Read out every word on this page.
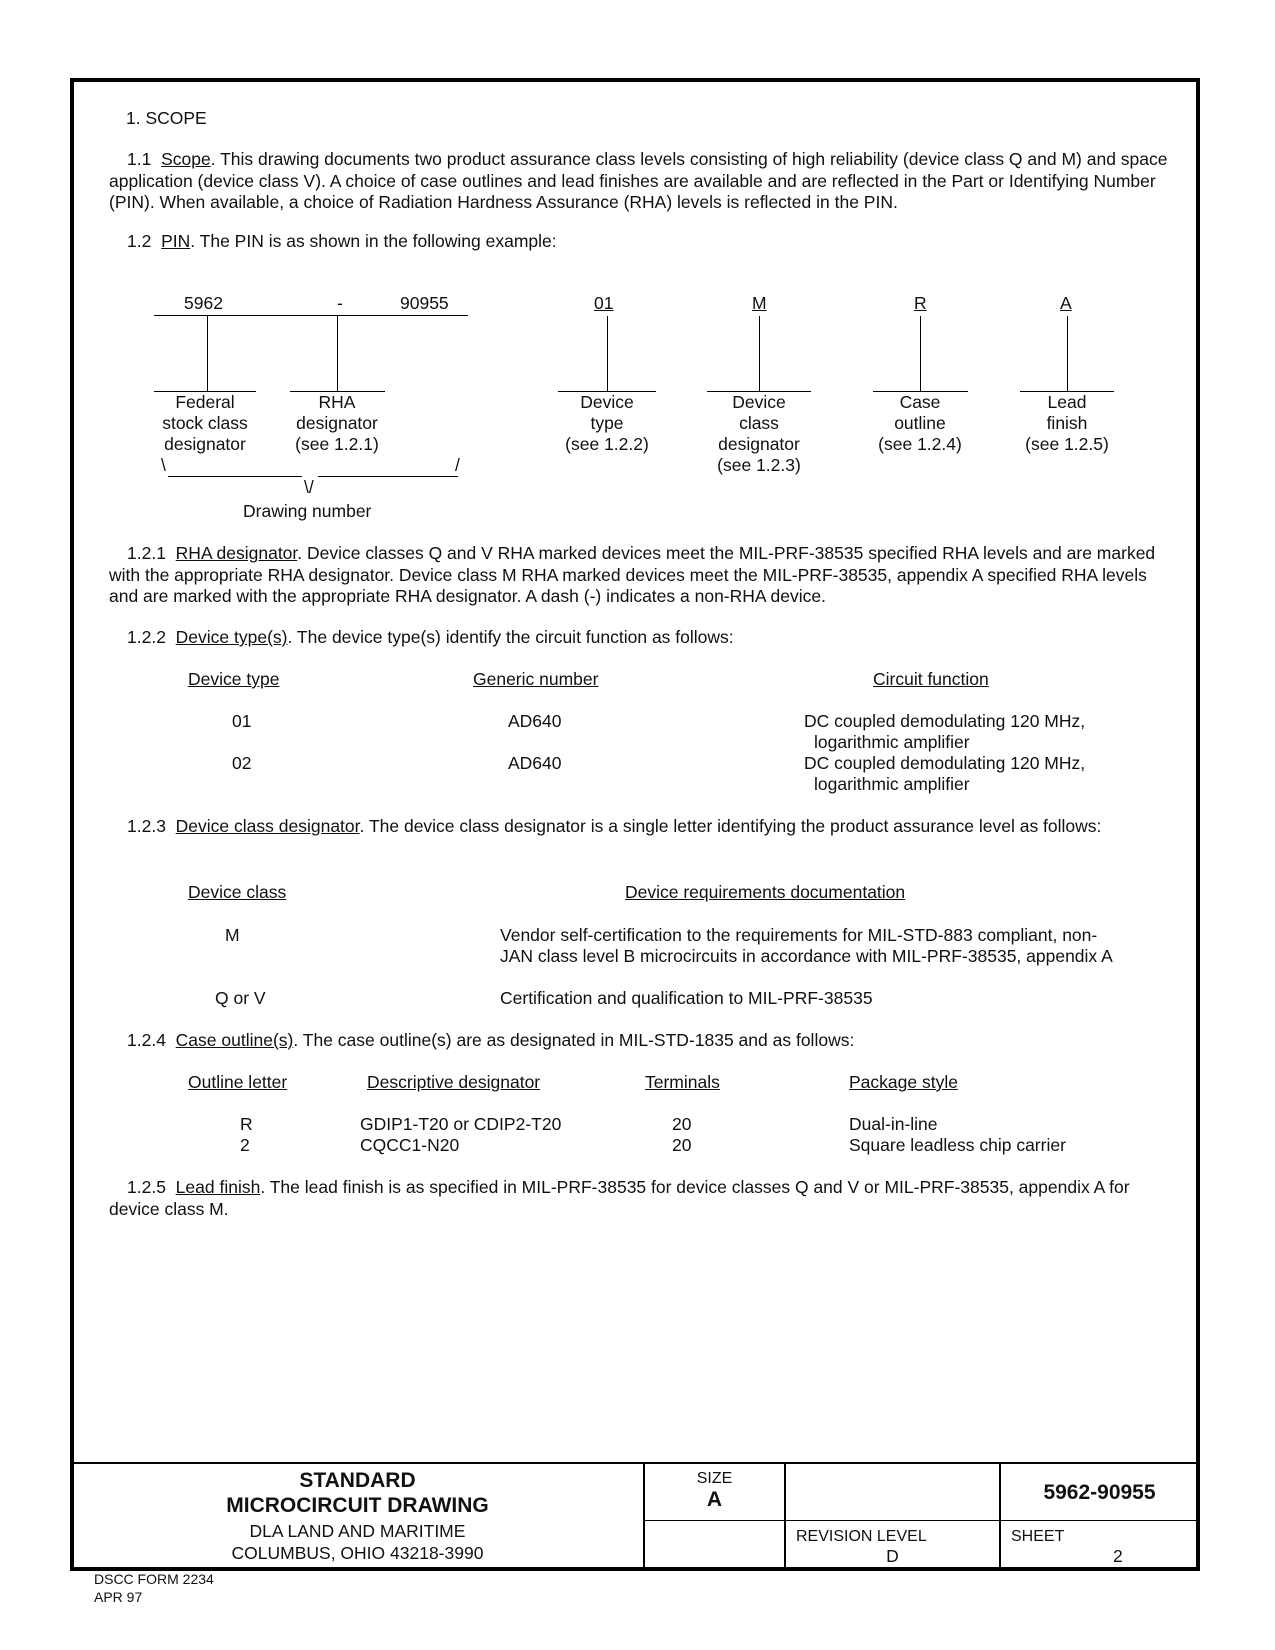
1. SCOPE
1.1 Scope. This drawing documents two product assurance class levels consisting of high reliability (device class Q and M) and space application (device class V). A choice of case outlines and lead finishes are available and are reflected in the Part or Identifying Number (PIN). When available, a choice of Radiation Hardness Assurance (RHA) levels is reflected in the PIN.
1.2 PIN. The PIN is as shown in the following example:
5962	-	90955	01	M	R	A
Federal
stock class
designator
RHA
designator
(see 1.2.1)
Device
type
(see 1.2.2)
Device
class
designator
(see 1.2.3)
Case
outline
(see 1.2.4)
Lead
finish
(see 1.2.5)
\	/
\/
Drawing number
1.2.1 RHA designator. Device classes Q and V RHA marked devices meet the MIL-PRF-38535 specified RHA levels and are marked with the appropriate RHA designator. Device class M RHA marked devices meet the MIL-PRF-38535, appendix A specified RHA levels and are marked with the appropriate RHA designator. A dash (-) indicates a non-RHA device.
1.2.2 Device type(s). The device type(s) identify the circuit function as follows:
Device type	Generic number	Circuit function
01	AD640	DC coupled demodulating 120 MHz,
logarithmic amplifier
02	AD640	DC coupled demodulating 120 MHz,
logarithmic amplifier
1.2.3 Device class designator. The device class designator is a single letter identifying the product assurance level as follows:
Device class	Device requirements documentation
M	Vendor self-certification to the requirements for MIL-STD-883 compliant, non-
JAN class level B microcircuits in accordance with MIL-PRF-38535, appendix A
Q or V	Certification and qualification to MIL-PRF-38535
1.2.4 Case outline(s). The case outline(s) are as designated in MIL-STD-1835 and as follows:
Outline letter	Descriptive designator	Terminals	Package style
R	GDIP1-T20 or CDIP2-T20	20	Dual-in-line
2	CQCC1-N20	20	Square leadless chip carrier
1.2.5 Lead finish. The lead finish is as specified in MIL-PRF-38535 for device classes Q and V or MIL-PRF-38535, appendix A for device class M.
STANDARD
MICROCIRCUIT DRAWING
DLA LAND AND MARITIME
COLUMBUS, OHIO 43218-3990
SIZE
A	5962-90955
REVISION LEVEL
D
SHEET
2
DSCC FORM 2234
APR 97
